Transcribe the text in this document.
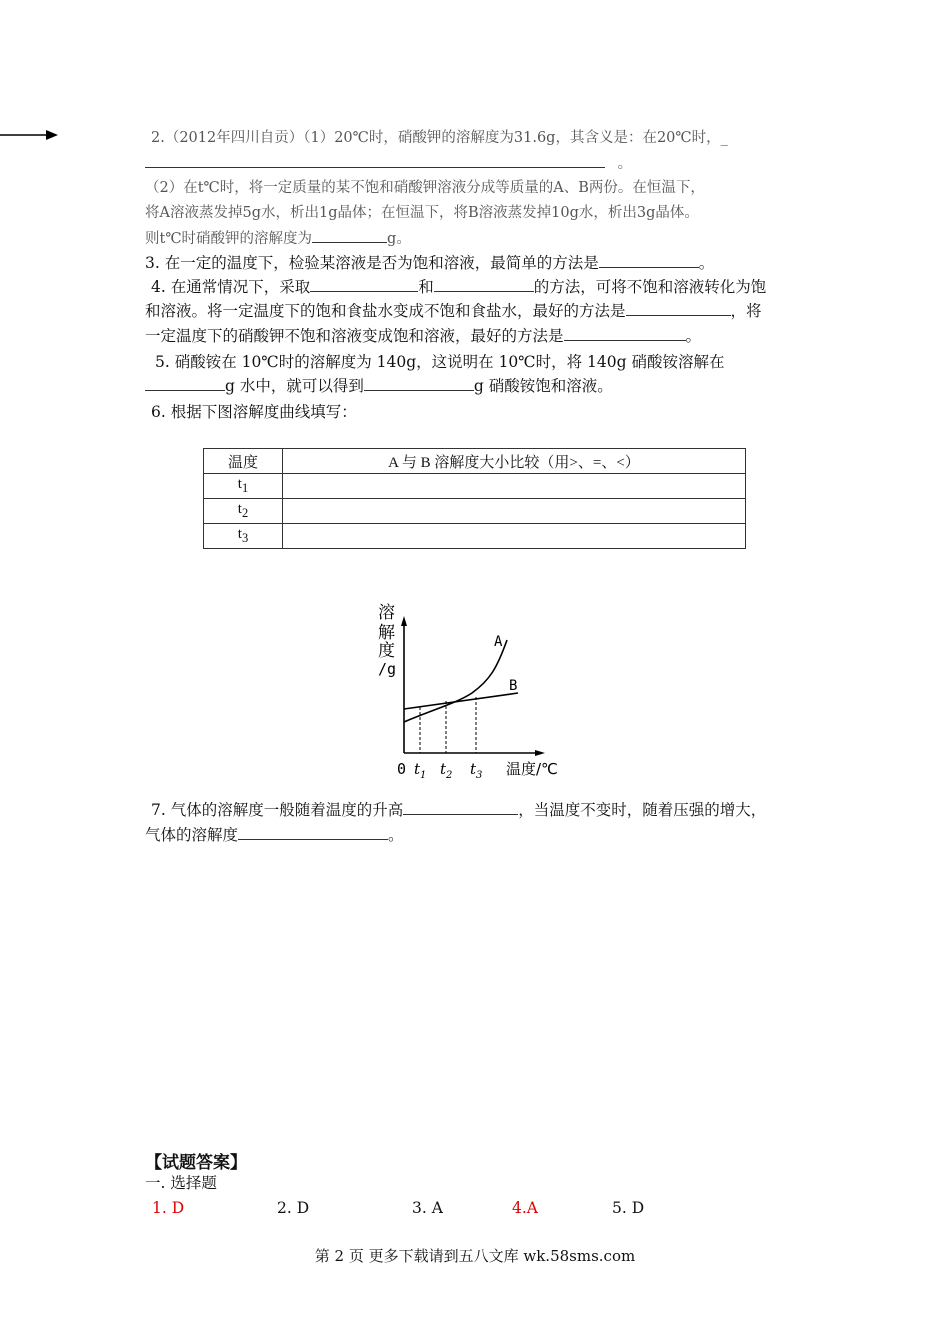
2.（2012年四川自贡）（1）20℃时，硝酸钾的溶解度为31.6g，其含义是：在20℃时，_
。
（2）在t℃时，将一定质量的某不饱和硝酸钾溶液分成等质量的A、B两份。在恒温下，
将A溶液蒸发掉5g水，析出1g晶体；在恒温下，将B溶液蒸发掉10g水，析出3g晶体。
则t℃时硝酸钾的溶解度为	g。
3. 在一定的温度下，检验某溶液是否为饱和溶液，最简单的方法是	。
4. 在通常情况下，采取	和	的方法，可将不饱和溶液转化为饱
和溶液。将一定温度下的饱和食盐水变成不饱和食盐水，最好的方法是	，将
一定温度下的硝酸钾不饱和溶液变成饱和溶液，最好的方法是	。
5. 硝酸铵在 10℃时的溶解度为 140g，这说明在 10℃时，将 140g 硝酸铵溶解在
g 水中，就可以得到	g 硝酸铵饱和溶液。
6. 根据下图溶解度曲线填写：
温度	A 与 B 溶解度大小比较（用>、=、<）
$t_1$	
$t_2$	
$t_3$	
溶
解
度
/g
A
B
0 $t_1$ $t_2$ $t_3$ 温度/℃
7. 气体的溶解度一般随着温度的升高	，当温度不变时，随着压强的增大，
气体的溶解度	。
【试题答案】
一. 选择题
1. D	2. D	3. A	4.A	5. D
第 2 页 更多下载请到五八文库 wk.58sms.com
